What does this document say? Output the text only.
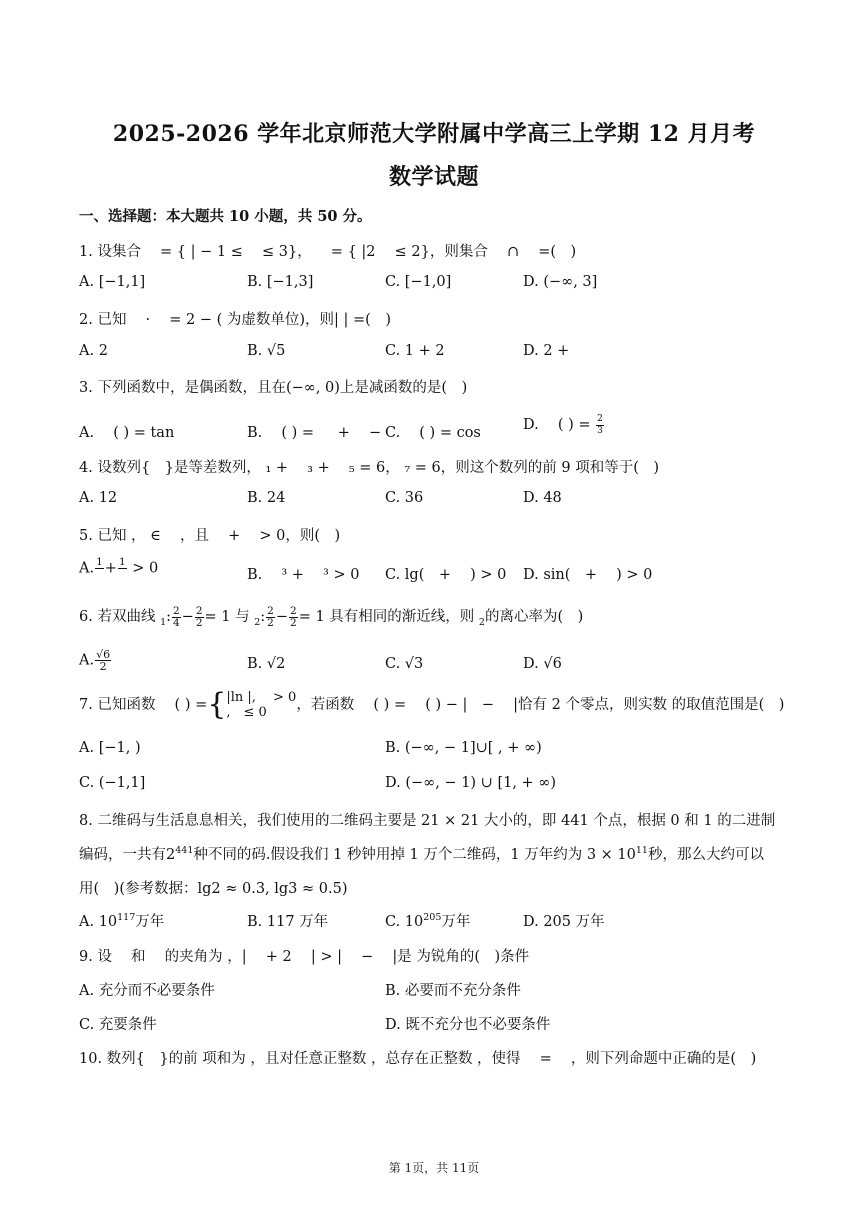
2025-2026 学年北京师范大学附属中学高三上学期 12 月月考
数学试题
一、选择题：本大题共 10 小题，共 50 分。
1. 设集合 　= { | − 1 ≤ 　≤ 3}， 　= { |2 　≤ 2}，则集合 　∩ 　=(　)
A. [−1,1]	B. [−1,3]	C. [−1,0]	D. (−∞, 3]
2. 已知 　· 　= 2 − ( 为虚数单位)，则| | =(　)
A. 2	B. √5	C. 1 + 2	D. 2 +
3. 下列函数中，是偶函数，且在(−∞, 0)上是减函数的是(　)
A. 　( ) = tan	B. 　( ) = 　 + 　− C. 　( ) = cos	D. 　( ) = $\frac{2}{3}$
4. 设数列{　}是等差数列， ₁ + 　₃ + 　₅ = 6， ₇ = 6，则这个数列的前 9 项和等于(　)
A. 12	B. 24	C. 36	D. 48
5. 已知 ， ∈ 　，且 　+ 　> 0，则(　)
A. 1
+ 1
> 0	B. 　³ + 　³ > 0 C. lg(　+ 　) > 0 D. sin(　+ 　) > 0
6. 若双曲线 $_1$: $\frac{2}{4} - \frac{2}{2} = 1$ 与 $_2$: $\frac{2}{2} - \frac{2}{2} = 1$ 具有相同的渐近线，则 $_2$的离心率为(　)
A. $\frac{√6}{2}$	B. √2	C. √3	D. √6
7. 已知函数 　( ) ={ |ln |,　 > 0
,　≤ 0	，若函数 　( ) = 　( ) − |　− 　|恰有 2 个零点，则实数 的取值范围是(　)
A. [−1, )	B. (−∞, − 1]∪[ , + ∞)
C. (−1,1]	D. (−∞, − 1) ∪ [1, + ∞)
8. 二维码与生活息息相关，我们使用的二维码主要是 21 × 21 大小的，即 441 个点，根据 0 和 1 的二进制
编码，一共有$2^{441}$种不同的码.假设我们 1 秒钟用掉 1 万个二维码，1 万年约为 $3 \times 10^{11}$秒，那么大约可以
用(　)(参考数据：lg2 ≈ 0.3, lg3 ≈ 0.5)
A. $10^{117}$万年	B. 117 万年	C. $10^{205}$万年	D. 205 万年
9. 设 　和 　的夹角为 ，|　 + 2 　| > |　 − 　|是 为锐角的(　)条件
A. 充分而不必要条件	B. 必要而不充分条件
C. 充要条件	D. 既不充分也不必要条件
10. 数列{　}的前 项和为 ，且对任意正整数 ，总存在正整数 ，使得 　= 　，则下列命题中正确的是(　)
第 1页，共 11页
